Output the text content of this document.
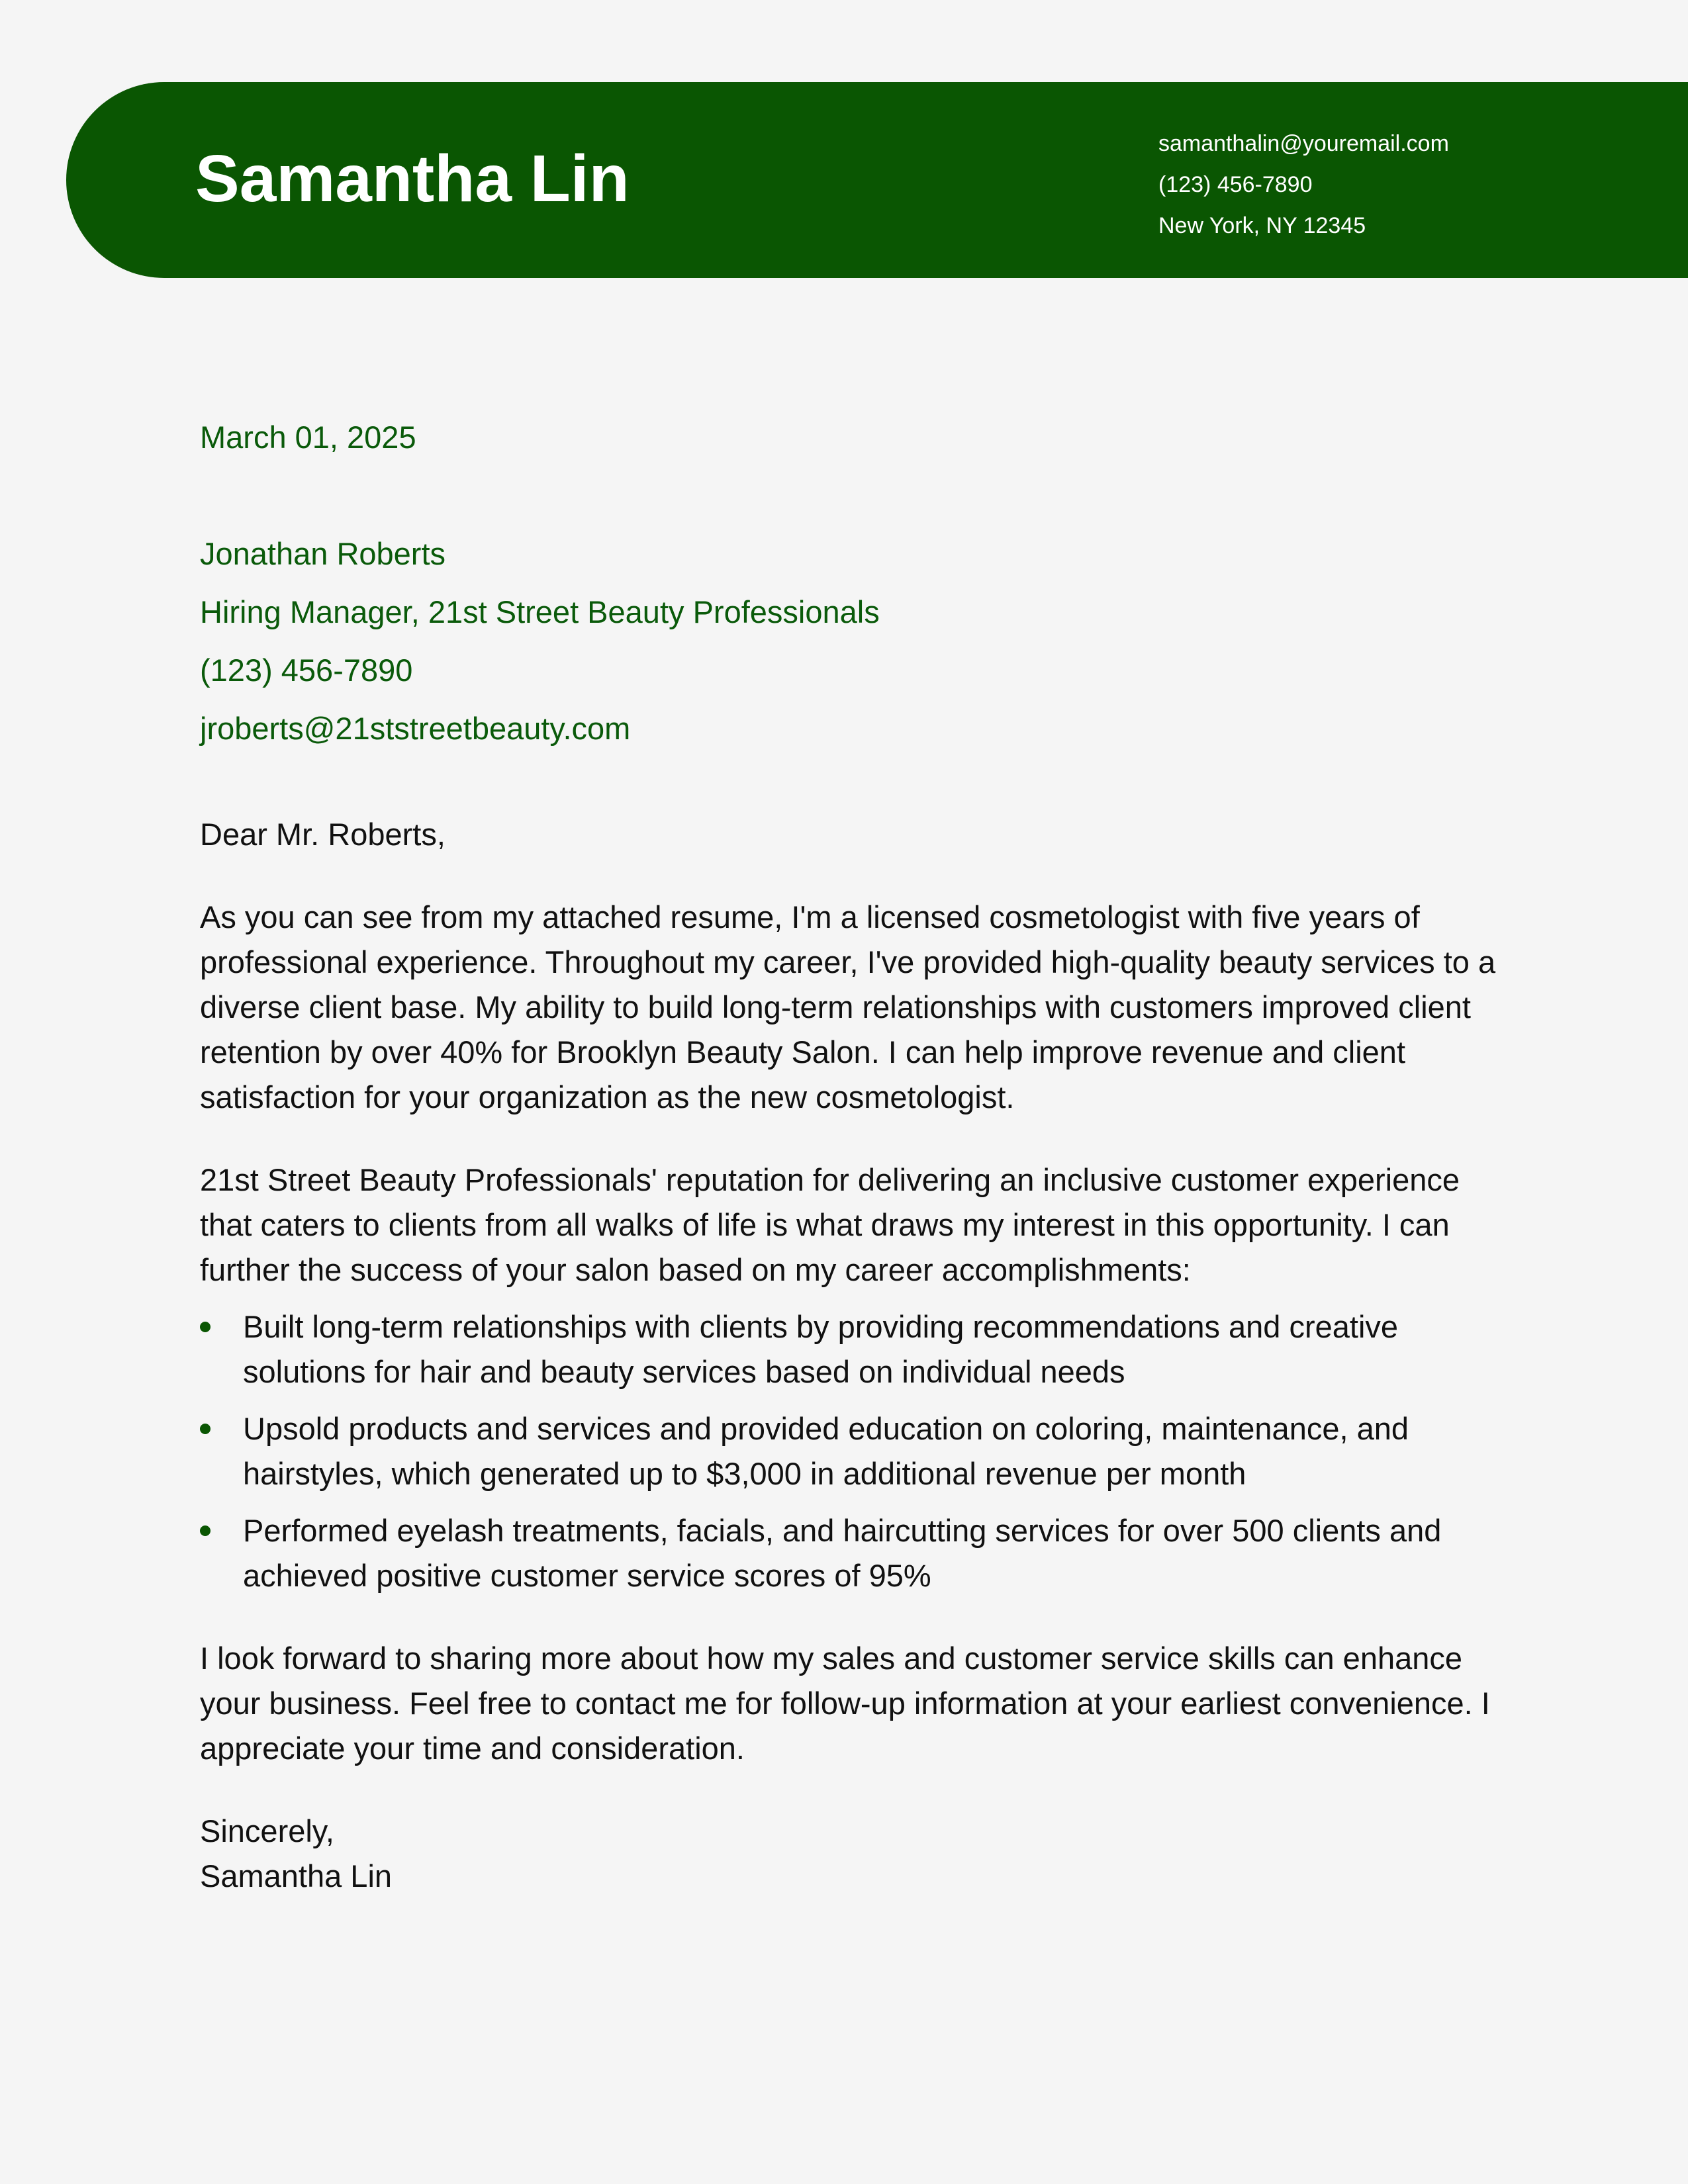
Samantha Lin	samanthalin@youremail.com
(123) 456-7890
New York, NY 12345
March 01, 2025
Jonathan Roberts
Hiring Manager, 21st Street Beauty Professionals
(123) 456-7890
jroberts@21ststreetbeauty.com

Dear Mr. Roberts,

As you can see from my attached resume, I'm a licensed cosmetologist with five years of professional experience. Throughout my career, I've provided high-quality beauty services to a diverse client base. My ability to build long-term relationships with customers improved client retention by over 40% for Brooklyn Beauty Salon. I can help improve revenue and client satisfaction for your organization as the new cosmetologist.

21st Street Beauty Professionals' reputation for delivering an inclusive customer experience that caters to clients from all walks of life is what draws my interest in this opportunity. I can further the success of your salon based on my career accomplishments:

Built long-term relationships with clients by providing recommendations and creative solutions for hair and beauty services based on individual needs
Upsold products and services and provided education on coloring, maintenance, and hairstyles, which generated up to $3,000 in additional revenue per month
Performed eyelash treatments, facials, and haircutting services for over 500 clients and achieved positive customer service scores of 95%

I look forward to sharing more about how my sales and customer service skills can enhance your business. Feel free to contact me for follow-up information at your earliest convenience. I appreciate your time and consideration.

Sincerely,

Samantha Lin
